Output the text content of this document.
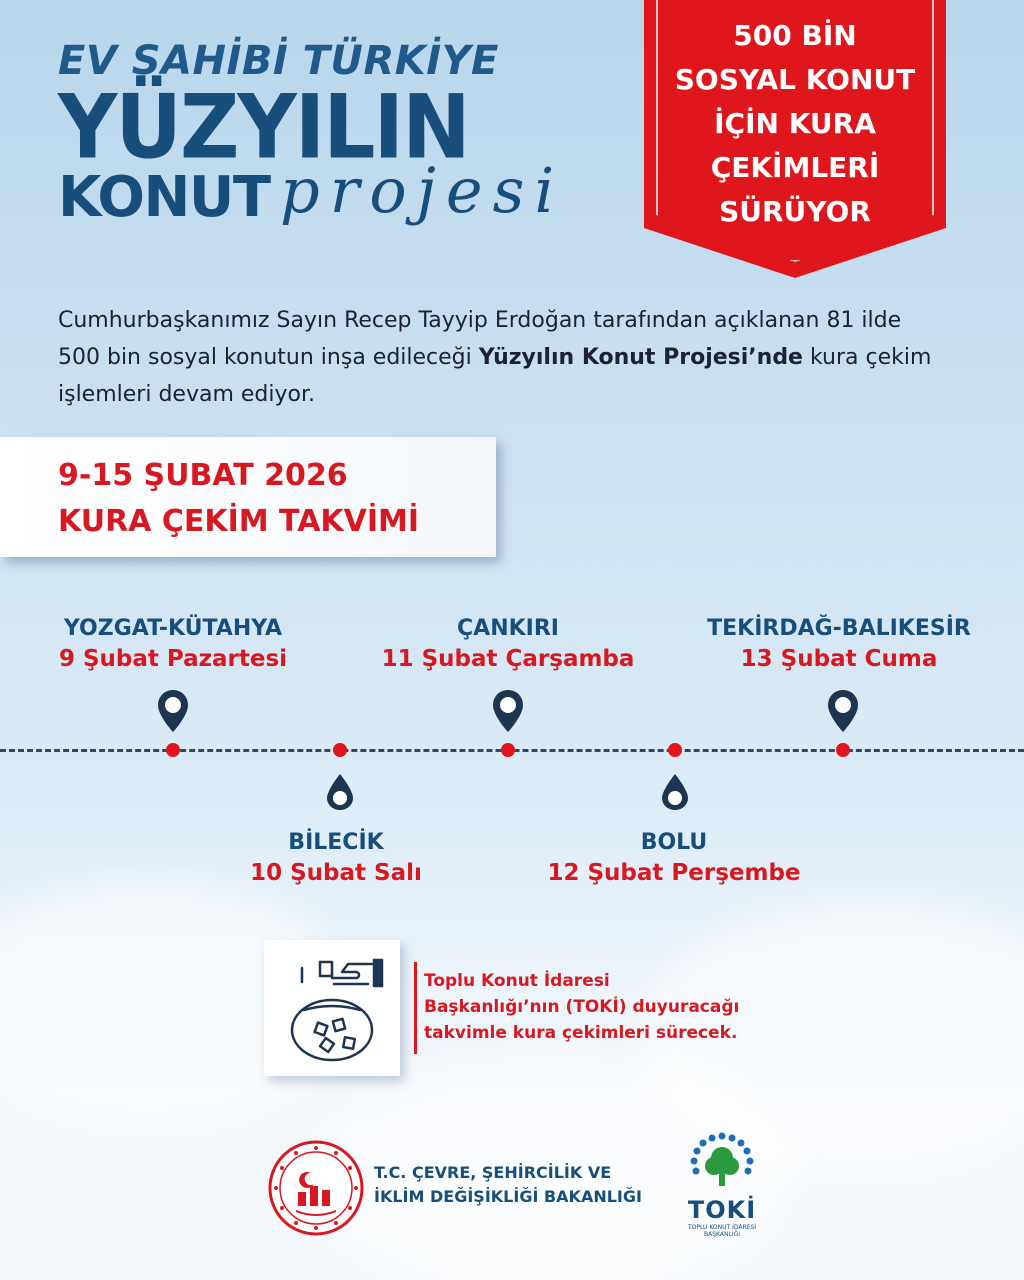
EV SAHİBİ TÜRKİYE
YÜZYILIN
KONUT projesi
500 BİN
SOSYAL KONUT
İÇİN KURA
ÇEKİMLERİ
SÜRÜYOR
Cumhurbaşkanımız Sayın Recep Tayyip Erdoğan tarafından açıklanan 81 ilde 500 bin sosyal konutun inşa edileceği Yüzyılın Konut Projesi’nde kura çekim işlemleri devam ediyor.
9-15 ŞUBAT 2026
KURA ÇEKİM TAKVİMİ
YOZGAT-KÜTAHYA
9 Şubat Pazartesi
ÇANKIRI
11 Şubat Çarşamba
TEKİRDAĞ-BALIKESİR
13 Şubat Cuma
BİLECİK
10 Şubat Salı
BOLU
12 Şubat Perşembe
Toplu Konut İdaresi
Başkanlığı’nın (TOKİ) duyuracağı
takvimle kura çekimleri sürecek.
T.C. ÇEVRE, ŞEHİRCİLİK VE
İKLİM DEĞİŞİKLİĞİ BAKANLIĞI	TOKİ
TOPLU KONUT İDARESİ BAŞKANLIĞI
